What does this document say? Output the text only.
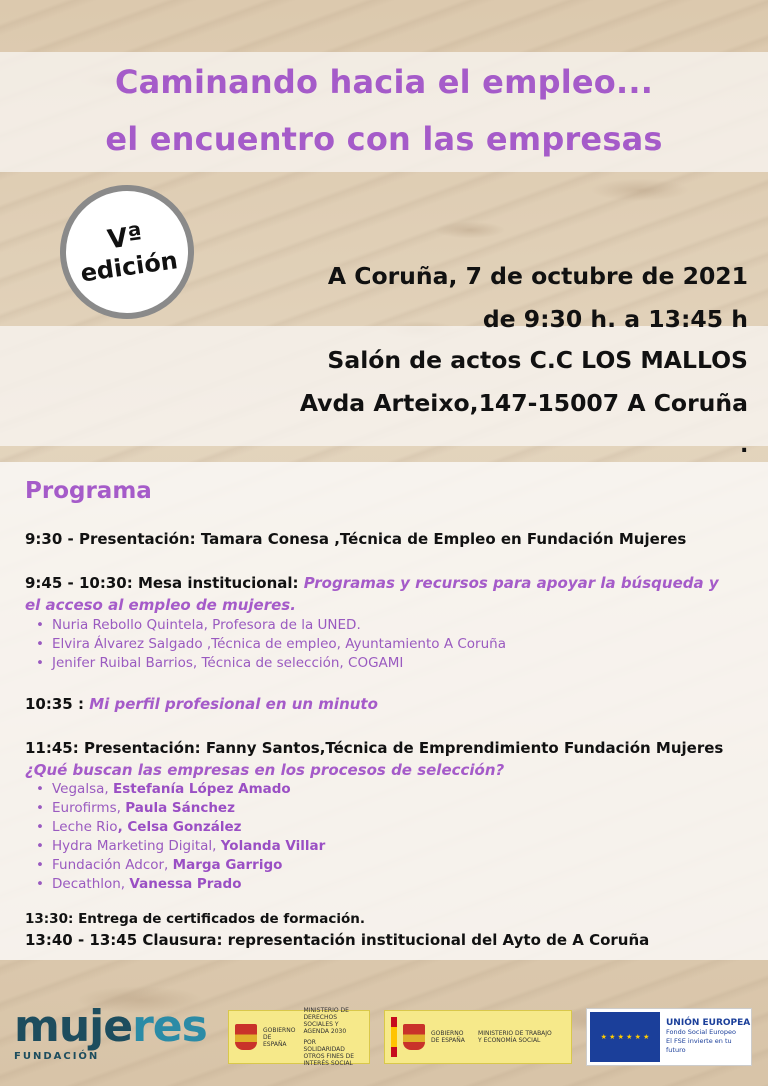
Caminando hacia el empleo...
el encuentro con las empresas
Vª
edición	A Coruña, 7 de octubre de 2021
de 9:30 h. a 13:45 h
Salón de actos C.C LOS MALLOS
Avda Arteixo,147-15007 A Coruña
.
Programa
9:30 - Presentación: Tamara Conesa ,Técnica de Empleo en Fundación Mujeres
9:45 - 10:30: Mesa institucional: Programas y recursos para apoyar la búsqueda y
el acceso al empleo de mujeres.
• Nuria Rebollo Quintela, Profesora de la UNED.
• Elvira Álvarez Salgado ,Técnica de empleo, Ayuntamiento A Coruña
• Jenifer Ruibal Barrios, Técnica de selección, COGAMI
10:35 : Mi perfil profesional en un minuto
11:45: Presentación: Fanny Santos,Técnica de Emprendimiento Fundación Mujeres
¿Qué buscan las empresas en los procesos de selección?
• Vegalsa, Estefanía López Amado
• Eurofirms, Paula Sánchez
• Leche Rio, Celsa González
• Hydra Marketing Digital, Yolanda Villar
• Fundación Adcor, Marga Garrigo
• Decathlon, Vanessa Prado
13:30: Entrega de certificados de formación.
13:40 - 13:45 Clausura: representación institucional del Ayto de A Coruña
mujeres
FUNDACIÓN
GOBIERNO DE ESPAÑA
MINISTERIO DE DERECHOS SOCIALES Y AGENDA 2030
POR SOLIDARIDAD OTROS FINES DE INTERÉS SOCIAL
GOBIERNO DE ESPAÑA
MINISTERIO DE TRABAJO Y ECONOMÍA SOCIAL	★ ★ ★ ★ ★ ★
UNIÓN EUROPEA
Fondo Social Europeo
El FSE invierte en tu futuro
